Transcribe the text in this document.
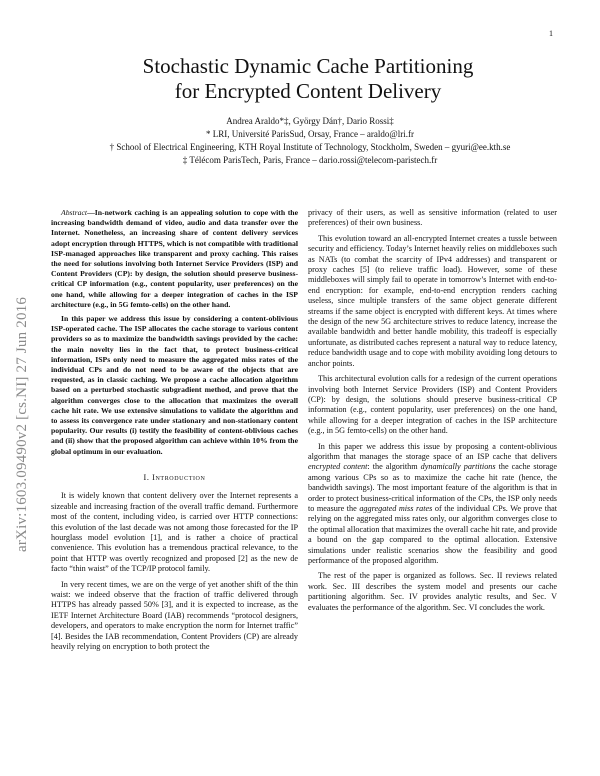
1
arXiv:1603.09490v2 [cs.NI] 27 Jun 2016
Stochastic Dynamic Cache Partitioning
for Encrypted Content Delivery
Andrea Araldo*‡, György Dán†, Dario Rossi‡
* LRI, Université ParisSud, Orsay, France – araldo@lri.fr
† School of Electrical Engineering, KTH Royal Institute of Technology, Stockholm, Sweden – gyuri@ee.kth.se
‡ Télécom ParisTech, Paris, France – dario.rossi@telecom-paristech.fr

Abstract—In-network caching is an appealing solution to cope with the increasing bandwidth demand of video, audio and data transfer over the Internet. Nonetheless, an increasing share of content delivery services adopt encryption through HTTPS, which is not compatible with traditional ISP-managed approaches like transparent and proxy caching. This raises the need for solutions involving both Internet Service Providers (ISP) and Content Providers (CP): by design, the solution should preserve business-critical CP information (e.g., content popularity, user preferences) on the one hand, while allowing for a deeper integration of caches in the ISP architecture (e.g., in 5G femto-cells) on the other hand.

In this paper we address this issue by considering a content-oblivious ISP-operated cache. The ISP allocates the cache storage to various content providers so as to maximize the bandwidth savings provided by the cache: the main novelty lies in the fact that, to protect business-critical information, ISPs only need to measure the aggregated miss rates of the individual CPs and do not need to be aware of the objects that are requested, as in classic caching. We propose a cache allocation algorithm based on a perturbed stochastic subgradient method, and prove that the algorithm converges close to the allocation that maximizes the overall cache hit rate. We use extensive simulations to validate the algorithm and to assess its convergence rate under stationary and non-stationary content popularity. Our results (i) testify the feasibility of content-oblivious caches and (ii) show that the proposed algorithm can achieve within 10% from the global optimum in our evaluation.

I. Introduction

It is widely known that content delivery over the Internet represents a sizeable and increasing fraction of the overall traffic demand. Furthermore most of the content, including video, is carried over HTTP connections: this evolution of the last decade was not among those forecasted for the IP hourglass model evolution [1], and is rather a choice of practical convenience. This evolution has a tremendous practical relevance, to the point that HTTP was overtly recognized and proposed [2] as the new de facto “thin waist” of the TCP/IP protocol family.

In very recent times, we are on the verge of yet another shift of the thin waist: we indeed observe that the fraction of traffic delivered through HTTPS has already passed 50% [3], and it is expected to increase, as the IETF Internet Architecture Board (IAB) recommends “protocol designers, developers, and operators to make encryption the norm for Internet traffic” [4]. Besides the IAB recommendation, Content Providers (CP) are already heavily relying on encryption to both protect the

privacy of their users, as well as sensitive information (related to user preferences) of their own business.

This evolution toward an all-encrypted Internet creates a tussle between security and efficiency. Today’s Internet heavily relies on middleboxes such as NATs (to combat the scarcity of IPv4 addresses) and transparent or proxy caches [5] (to relieve traffic load). However, some of these middleboxes will simply fail to operate in tomorrow’s Internet with end-to-end encryption: for example, end-to-end encryption renders caching useless, since multiple transfers of the same object generate different streams if the same object is encrypted with different keys. At times where the design of the new 5G architecture strives to reduce latency, increase the available bandwidth and better handle mobility, this tradeoff is especially unfortunate, as distributed caches represent a natural way to reduce latency, reduce bandwidth usage and to cope with mobility avoiding long detours to anchor points.

This architectural evolution calls for a redesign of the current operations involving both Internet Service Providers (ISP) and Content Providers (CP): by design, the solutions should preserve business-critical CP information (e.g., content popularity, user preferences) on the one hand, while allowing for a deeper integration of caches in the ISP architecture (e.g., in 5G femto-cells) on the other hand.

In this paper we address this issue by proposing a content-oblivious algorithm that manages the storage space of an ISP cache that delivers encrypted content: the algorithm dynamically partitions the cache storage among various CPs so as to maximize the cache hit rate (hence, the bandwidth savings). The most important feature of the algorithm is that in order to protect business-critical information of the CPs, the ISP only needs to measure the aggregated miss rates of the individual CPs. We prove that relying on the aggregated miss rates only, our algorithm converges close to the optimal allocation that maximizes the overall cache hit rate, and provide a bound on the gap compared to the optimal allocation. Extensive simulations under realistic scenarios show the feasibility and good performance of the proposed algorithm.

The rest of the paper is organized as follows. Sec. II reviews related work. Sec. III describes the system model and presents our cache partitioning algorithm. Sec. IV provides analytic results, and Sec. V evaluates the performance of the algorithm. Sec. VI concludes the work.
